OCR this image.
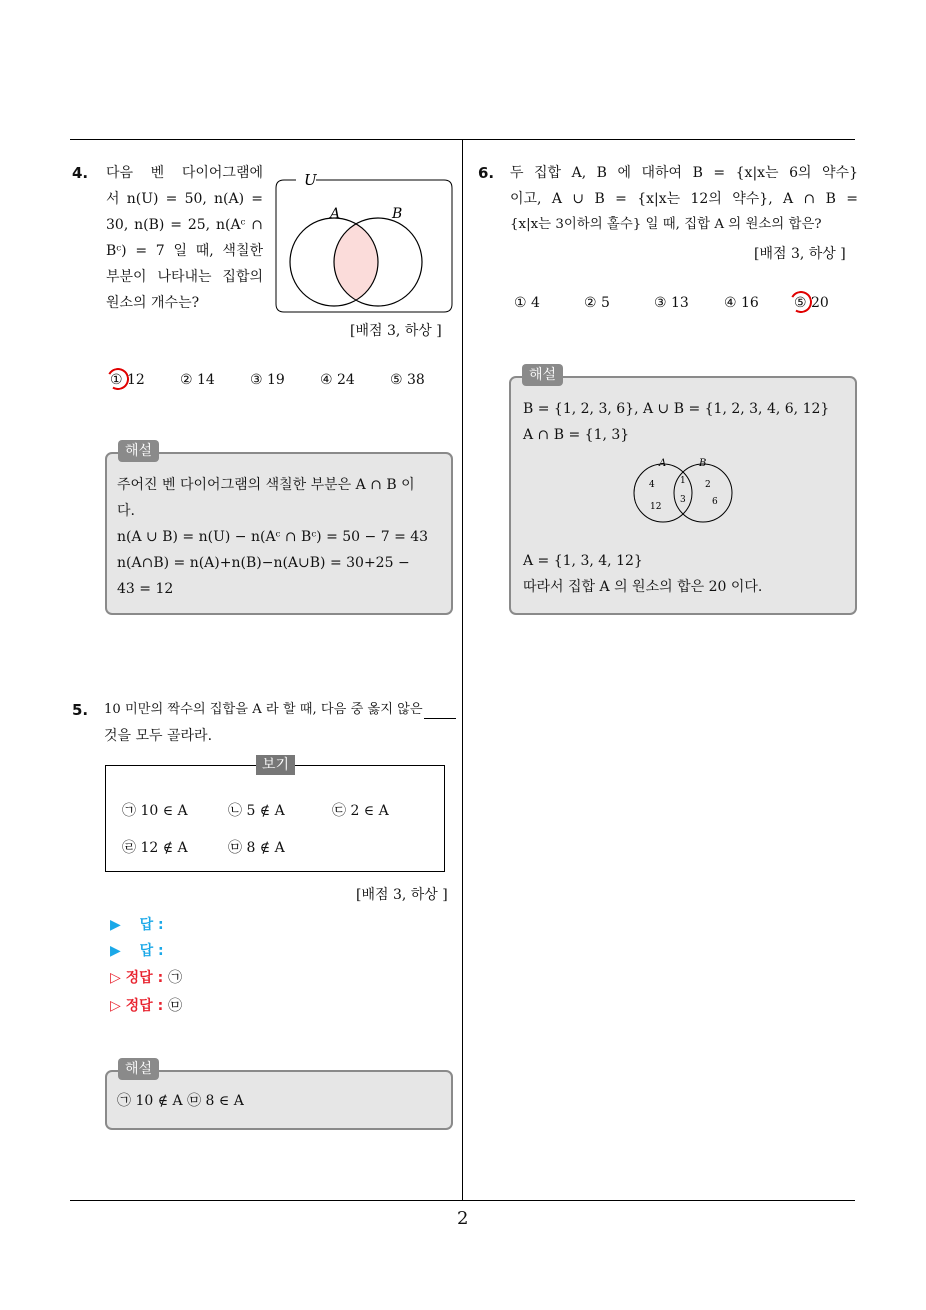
4. 다음 벤 다이어그램에
서 n(U) = 50, n(A) =
30, n(B) = 25, n(Aᶜ ∩
Bᶜ) = 7 일 때, 색칠한
부분이 나타내는 집합의
원소의 개수는?
U
A	B
[배점 3, 하상 ]
① 12	② 14	③ 19	④ 24	⑤ 38
주어진 벤 다이어그램의 색칠한 부분은 A ∩ B 이
다.
n(A ∪ B) = n(U) − n(Aᶜ ∩ Bᶜ) = 50 − 7 = 43
n(A∩B) = n(A)+n(B)−n(A∪B) = 30+25 −
43 = 12
해설
5. 10 미만의 짝수의 집합을 A 라 할 때, 다음 중 옳지 않은
것을 모두 골라라.
㉠ 10 ∈ A	㉡ 5 ∉ A	㉢ 2 ∈ A
㉣ 12 ∉ A	㉤ 8 ∉ A
보기
[배점 3, 하상 ]
▶ 답 :
▶ 답 :
▷ 정답 : ㉠
▷ 정답 : ㉤
㉠ 10 ∉ A ㉤ 8 ∈ A
해설
6. 두 집합 A, B 에 대하여 B = {x|x는 6의 약수}
이고, A ∪ B = {x|x는 12의 약수}, A ∩ B =
{x|x는 3이하의 홀수} 일 때, 집합 A 의 원소의 합은?
[배점 3, 하상 ]
① 4	② 5	③ 13	④ 16	⑤ 20
B = {1, 2, 3, 6}, A ∪ B = {1, 2, 3, 4, 6, 12}
A ∩ B = {1, 3}
A	B
4
12
1
3
2
6
A = {1, 3, 4, 12}
따라서 집합 A 의 원소의 합은 20 이다.
해설
2
